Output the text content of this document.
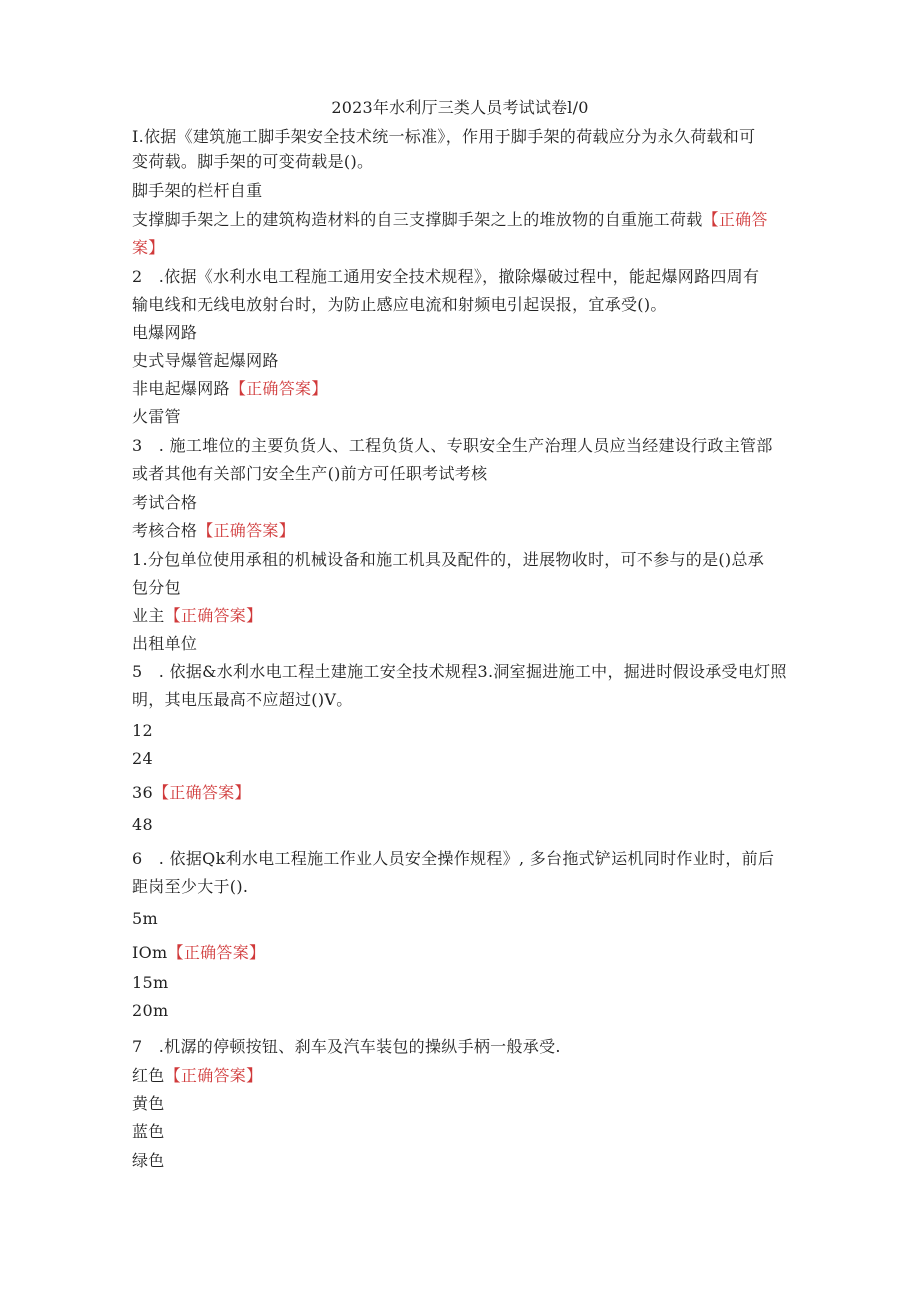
2023年水利厅三类人员考试试卷l/0
I.依据《建筑施工脚手架安全技术统一标准》，作用于脚手架的荷载应分为永久荷载和可
变荷载。脚手架的可变荷载是()。
脚手架的栏杆自重
支撑脚手架之上的建筑构造材料的自三支撑脚手架之上的堆放物的自重施工荷载【正确答
案】
2　.依据《水利水电工程施工通用安全技术规程》，撤除爆破过程中，能起爆网路四周有
输电线和无线电放射台时，为防止感应电流和射频电引起误报，宜承受()。
电爆网路
史式导爆管起爆网路
非电起爆网路【正确答案】
火雷管
3　. 施工堆位的主要负货人、工程负货人、专职安全生产治理人员应当经建设行政主管部
或者其他有关部门安全生产()前方可任职考试考核
考试合格
考核合格【正确答案】
1.分包单位使用承租的机械设备和施工机具及配件的，进展物收时，可不参与的是()总承
包分包
业主【正确答案】
出租单位
5　. 依据&水利水电工程土建施工安全技术规程3.洞室掘进施工中，掘进时假设承受电灯照
明，其电压最高不应超过()V。
12
24
36【正确答案】
48
6　. 依据Qk利水电工程施工作业人员安全操作规程》, 多台拖式铲运机同时作业时，前后
距岗至少大于().
5m
IOm【正确答案】
15m
20m
7　.机潺的停顿按钮、刹车及汽车装包的操纵手柄一般承受.
红色【正确答案】
黄色
蓝色
绿色
